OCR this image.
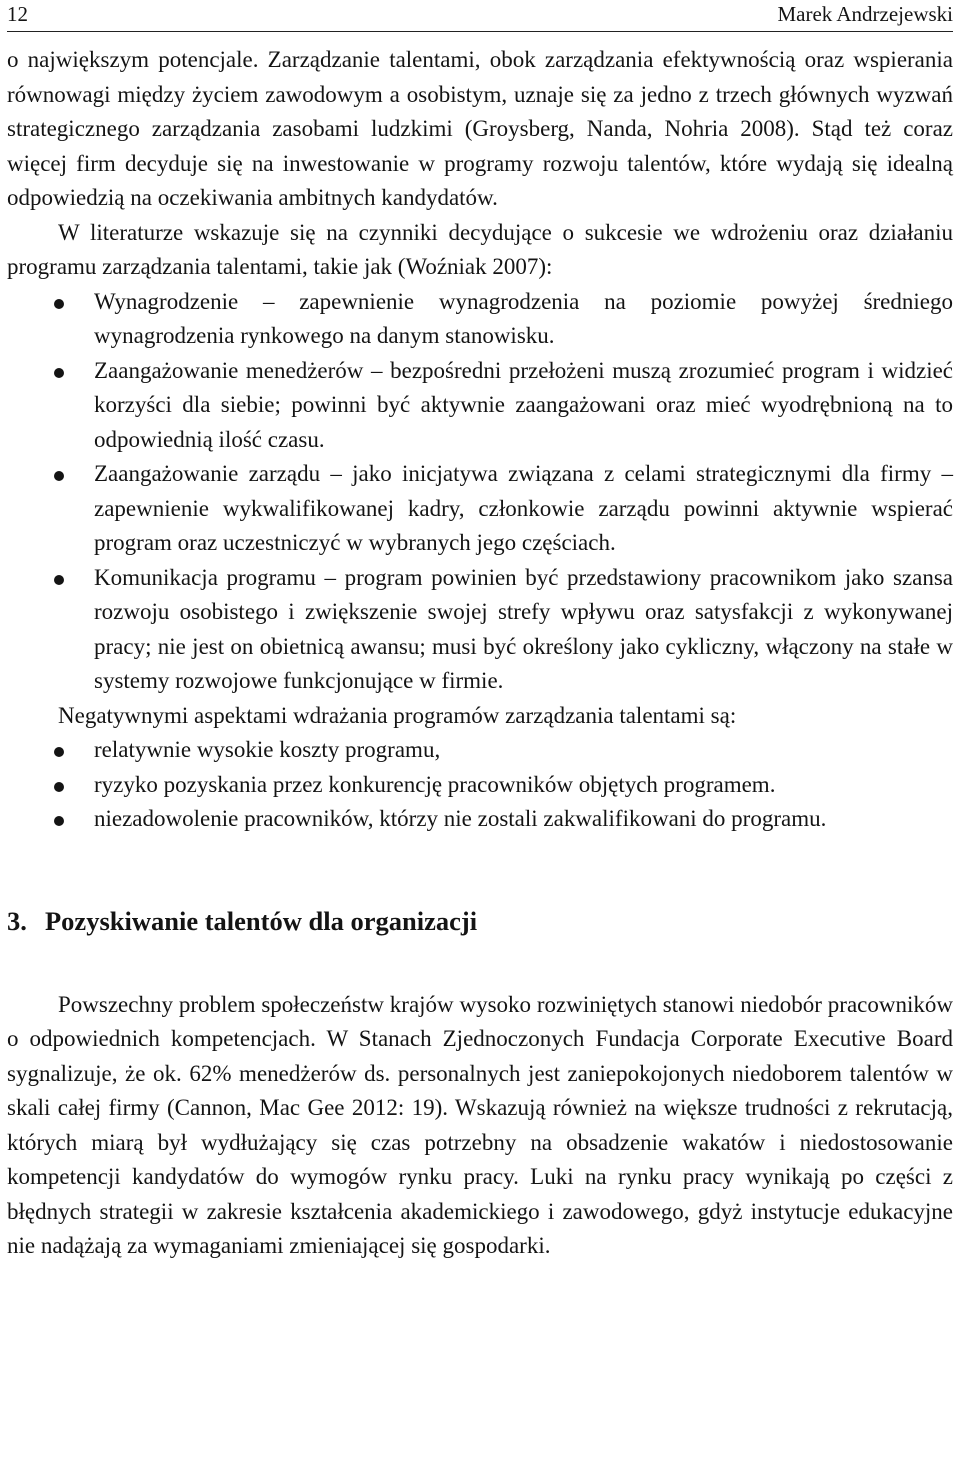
12	Marek Andrzejewski

o największym potencjale. Zarządzanie talentami, obok zarządzania efektywnością oraz wspierania równowagi między życiem zawodowym a osobistym, uznaje się za jedno z trzech głównych wyzwań strategicznego zarządzania zasobami ludzkimi (Groysberg, Nanda, Nohria 2008). Stąd też coraz więcej firm decyduje się na inwestowanie w programy rozwoju talentów, które wydają się idealną odpowiedzią na oczekiwania ambitnych kandydatów.

W literaturze wskazuje się na czynniki decydujące o sukcesie we wdrożeniu oraz działaniu programu zarządzania talentami, takie jak (Woźniak 2007):

Wynagrodzenie – zapewnienie wynagrodzenia na poziomie powyżej średniego wynagrodzenia rynkowego na danym stanowisku.
Zaangażowanie menedżerów – bezpośredni przełożeni muszą zrozumieć program i widzieć korzyści dla siebie; powinni być aktywnie zaangażowani oraz mieć wyodrębnioną na to odpowiednią ilość czasu.
Zaangażowanie zarządu – jako inicjatywa związana z celami strategicznymi dla firmy – zapewnienie wykwalifikowanej kadry, członkowie zarządu powinni aktywnie wspierać program oraz uczestniczyć w wybranych jego częściach.
Komunikacja programu – program powinien być przedstawiony pracownikom jako szansa rozwoju osobistego i zwiększenie swojej strefy wpływu oraz satysfakcji z wykonywanej pracy; nie jest on obietnicą awansu; musi być określony jako cykliczny, włączony na stałe w systemy rozwojowe funkcjonujące w firmie.

Negatywnymi aspektami wdrażania programów zarządzania talentami są:

relatywnie wysokie koszty programu,
ryzyko pozyskania przez konkurencję pracowników objętych programem.
niezadowolenie pracowników, którzy nie zostali zakwalifikowani do programu.
3. Pozyskiwanie talentów dla organizacji

Powszechny problem społeczeństw krajów wysoko rozwiniętych stanowi niedobór pracowników o odpowiednich kompetencjach. W Stanach Zjednoczonych Fundacja Corporate Executive Board sygnalizuje, że ok. 62% menedżerów ds. personalnych jest zaniepokojonych niedoborem talentów w skali całej firmy (Cannon, Mac Gee 2012: 19). Wskazują również na większe trudności z rekrutacją, których miarą był wydłużający się czas potrzebny na obsadzenie wakatów i niedostosowanie kompetencji kandydatów do wymogów rynku pracy. Luki na rynku pracy wynikają po części z błędnych strategii w zakresie kształcenia akademickiego i zawodowego, gdyż instytucje edukacyjne nie nadążają za wymaganiami zmieniającej się gospodarki.
